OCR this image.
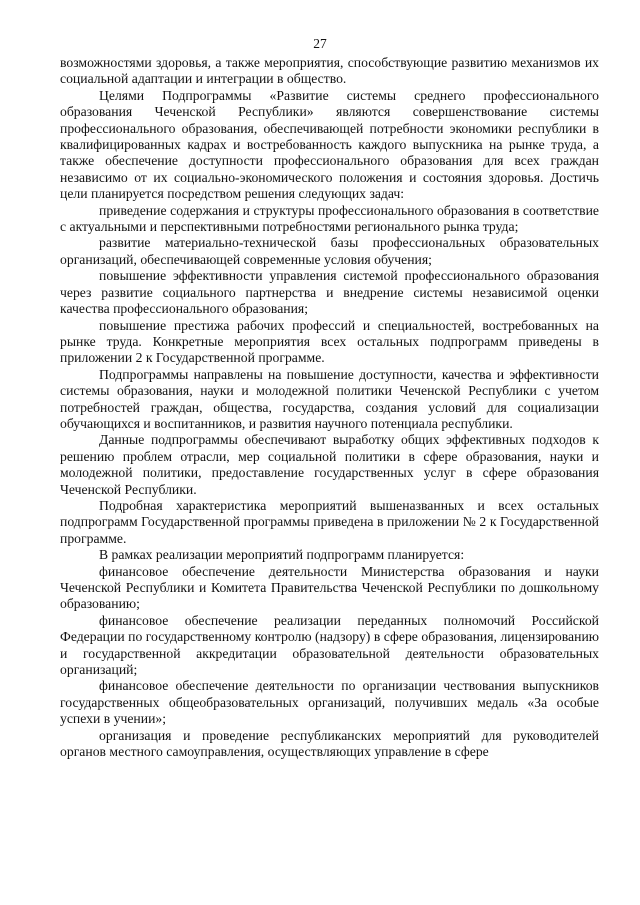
27

возможностями здоровья, а также мероприятия, способствующие развитию механизмов их социальной адаптации и интеграции в общество.

Целями Подпрограммы «Развитие системы среднего профессионального образования Чеченской Республики» являются совершенствование системы профессионального образования, обеспечивающей потребности экономики республики в квалифицированных кадрах и востребованность каждого выпускника на рынке труда, а также обеспечение доступности профессионального образования для всех граждан независимо от их социально-экономического положения и состояния здоровья. Достичь цели планируется посредством решения следующих задач:

приведение содержания и структуры профессионального образования в соответствие с актуальными и перспективными потребностями регионального рынка труда;

развитие материально-технической базы профессиональных образовательных организаций, обеспечивающей современные условия обучения;

повышение эффективности управления системой профессионального образования через развитие социального партнерства и внедрение системы независимой оценки качества профессионального образования;

повышение престижа рабочих профессий и специальностей, востребованных на рынке труда. Конкретные мероприятия всех остальных подпрограмм приведены в приложении 2 к Государственной программе.

Подпрограммы направлены на повышение доступности, качества и эффективности системы образования, науки и молодежной политики Чеченской Республики с учетом потребностей граждан, общества, государства, создания условий для социализации обучающихся и воспитанников, и развития научного потенциала республики.

Данные подпрограммы обеспечивают выработку общих эффективных подходов к решению проблем отрасли, мер социальной политики в сфере образования, науки и молодежной политики, предоставление государственных услуг в сфере образования Чеченской Республики.

Подробная характеристика мероприятий вышеназванных и всех остальных подпрограмм Государственной программы приведена в приложении № 2 к Государственной программе.

В рамках реализации мероприятий подпрограмм планируется:

финансовое обеспечение деятельности Министерства образования и науки Чеченской Республики и Комитета Правительства Чеченской Республики по дошкольному образованию;

финансовое обеспечение реализации переданных полномочий Российской Федерации по государственному контролю (надзору) в сфере образования, лицензированию и государственной аккредитации образовательной деятельности образовательных организаций;

финансовое обеспечение деятельности по организации чествования выпускников государственных общеобразовательных организаций, получивших медаль «За особые успехи в учении»;

организация и проведение республиканских мероприятий для руководителей органов местного самоуправления, осуществляющих управление в сфере
